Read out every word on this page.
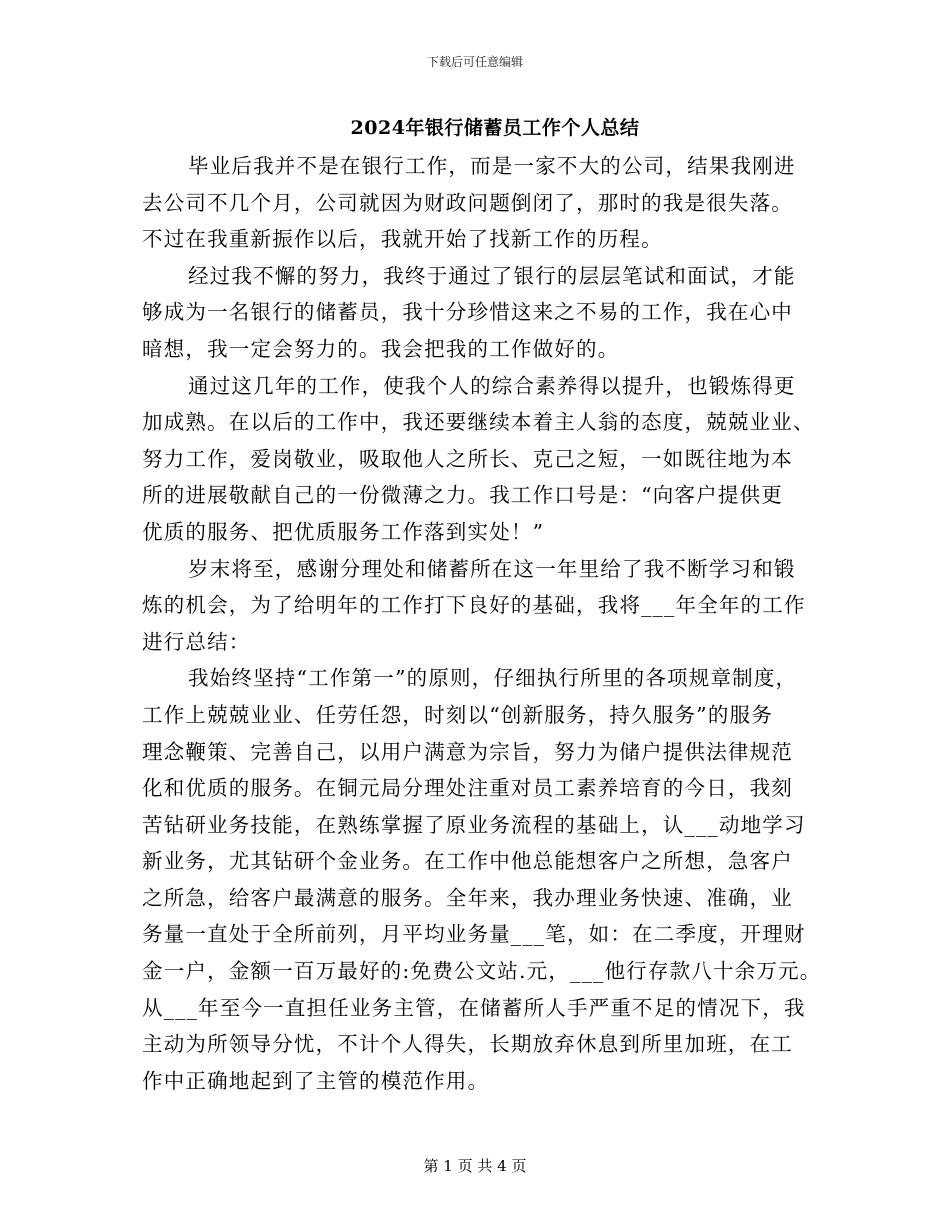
下载后可任意编辑
2024年银行储蓄员工作个人总结
毕业后我并不是在银行工作，而是一家不大的公司，结果我刚进
去公司不几个月，公司就因为财政问题倒闭了，那时的我是很失落。
不过在我重新振作以后，我就开始了找新工作的历程。
经过我不懈的努力，我终于通过了银行的层层笔试和面试，才能
够成为一名银行的储蓄员，我十分珍惜这来之不易的工作，我在心中
暗想，我一定会努力的。我会把我的工作做好的。
通过这几年的工作，使我个人的综合素养得以提升，也锻炼得更
加成熟。在以后的工作中，我还要继续本着主人翁的态度，兢兢业业、
努力工作，爱岗敬业，吸取他人之所长、克己之短，一如既往地为本
所的进展敬献自己的一份微薄之力。我工作口号是：“向客户提供更
优质的服务、把优质服务工作落到实处！”
岁末将至，感谢分理处和储蓄所在这一年里给了我不断学习和锻
炼的机会，为了给明年的工作打下良好的基础，我将___年全年的工作
进行总结：
我始终坚持“工作第一”的原则，仔细执行所里的各项规章制度，
工作上兢兢业业、任劳任怨，时刻以“创新服务，持久服务”的服务
理念鞭策、完善自己，以用户满意为宗旨，努力为储户提供法律规范
化和优质的服务。在铜元局分理处注重对员工素养培育的今日，我刻
苦钻研业务技能，在熟练掌握了原业务流程的基础上，认___动地学习
新业务，尤其钻研个金业务。在工作中他总能想客户之所想，急客户
之所急，给客户最满意的服务。全年来，我办理业务快速、准确，业
务量一直处于全所前列，月平均业务量___笔，如：在二季度，开理财
金一户，金额一百万最好的:免费公文站.元，___他行存款八十余万元。
从___年至今一直担任业务主管，在储蓄所人手严重不足的情况下，我
主动为所领导分忧，不计个人得失，长期放弃休息到所里加班，在工
作中正确地起到了主管的模范作用。
第 1 页 共 4 页
